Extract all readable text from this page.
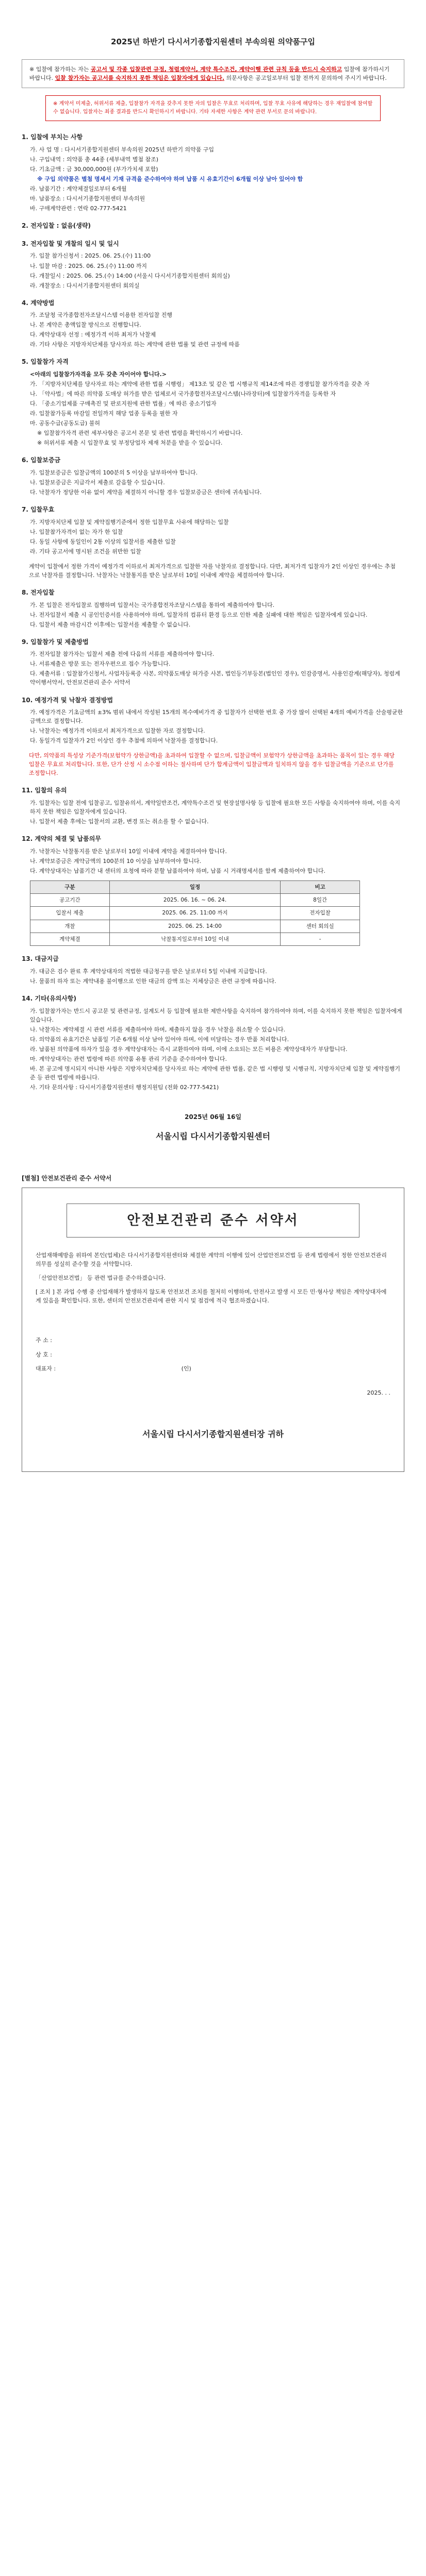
2025년 하반기 다시서기종합지원센터 부속의원 의약품구입

※ 입찰에 참가하는 자는 공고서 및 각종 입찰관련 규정, 청렴계약서, 계약 특수조건, 계약이행 관련 규칙 등을 반드시 숙지하고 입찰에 참가하시기 바랍니다. 입찰 참가자는 공고서를 숙지하지 못한 책임은 입찰자에게 있습니다. 의문사항은 공고일로부터 입찰 전까지 문의하여 주시기 바랍니다.

※ 계약서 미제출, 허위서류 제출, 입찰참가 자격을 갖추지 못한 자의 입찰은 무효로 처리하며, 입찰 무효 사유에 해당하는 경우 재입찰에 참여할 수 없습니다. 입찰자는 최종 결과를 반드시 확인하시기 바랍니다. 기타 자세한 사항은 계약 관련 부서로 문의 바랍니다.
1. 입찰에 부치는 사항
가. 사 업 명 : 다시서기종합지원센터 부속의원 2025년 하반기 의약품 구입
나. 구입내역 : 의약품 총 44종 (세부내역 별첨 참조)
다. 기초금액 : 금 30,000,000원 (부가가치세 포함)
※ 구입 의약품은 별첨 명세서 기재 규격을 준수하여야 하며 납품 시 유효기간이 6개월 이상 남아 있어야 함
라. 납품기간 : 계약체결일로부터 6개월
마. 납품장소 : 다시서기종합지원센터 부속의원
바. 구매계약관련 : 연락 02-777-5421
2. 전자입찰 : 없음(생략)
3. 전자입찰 및 개찰의 일시 및 일시
가. 입찰 참가신청서 : 2025. 06. 25.(수) 11:00
나. 입찰 마감 : 2025. 06. 25.(수) 11:00 까지
다. 개찰일시 : 2025. 06. 25.(수) 14:00 (서울시 다시서기종합지원센터 회의실)
라. 개찰장소 : 다시서기종합지원센터 회의실
4. 계약방법
가. 조달청 국가종합전자조달시스템 이용한 전자입찰 진행
나. 본 계약은 총액입찰 방식으로 진행합니다.
다. 계약상대자 선정 : 예정가격 이하 최저가 낙찰제
라. 기타 사항은 지방자치단체를 당사자로 하는 계약에 관한 법률 및 관련 규정에 따름
5. 입찰참가 자격
<아래의 입찰참가자격을 모두 갖춘 자이어야 합니다.>
가. 「지방자치단체를 당사자로 하는 계약에 관한 법률 시행령」 제13조 및 같은 법 시행규칙 제14조에 따른 경쟁입찰 참가자격을 갖춘 자
나. 「약사법」에 따른 의약품 도매상 허가를 받은 업체로서 국가종합전자조달시스템(나라장터)에 입찰참가자격을 등록한 자
다. 「중소기업제품 구매촉진 및 판로지원에 관한 법률」에 따른 중소기업자
라. 입찰참가등록 마감일 전일까지 해당 업종 등록을 필한 자
마. 공동수급(공동도급) 불허
※ 입찰참가자격 관련 세부사항은 공고서 본문 및 관련 법령을 확인하시기 바랍니다.
※ 허위서류 제출 시 입찰무효 및 부정당업자 제재 처분을 받을 수 있습니다.
6. 입찰보증금
가. 입찰보증금은 입찰금액의 100분의 5 이상을 납부하여야 합니다.
나. 입찰보증금은 지급각서 제출로 갈음할 수 있습니다.
다. 낙찰자가 정당한 이유 없이 계약을 체결하지 아니할 경우 입찰보증금은 센터에 귀속됩니다.
7. 입찰무효
가. 지방자치단체 입찰 및 계약집행기준에서 정한 입찰무효 사유에 해당하는 입찰
나. 입찰참가자격이 없는 자가 한 입찰
다. 동일 사항에 동일인이 2통 이상의 입찰서를 제출한 입찰
라. 기타 공고서에 명시된 조건을 위반한 입찰
계약이 입찰에서 정한 가격이 예정가격 이하로서 최저가격으로 입찰한 자를 낙찰자로 결정합니다. 다만, 최저가격 입찰자가 2인 이상인 경우에는 추첨으로 낙찰자를 결정합니다. 낙찰자는 낙찰통지를 받은 날로부터 10일 이내에 계약을 체결하여야 합니다.
8. 전자입찰
가. 본 입찰은 전자입찰로 집행하며 입찰서는 국가종합전자조달시스템을 통하여 제출하여야 합니다.
나. 전자입찰서 제출 시 공인인증서를 사용하여야 하며, 입찰자의 컴퓨터 환경 등으로 인한 제출 실패에 대한 책임은 입찰자에게 있습니다.
다. 입찰서 제출 마감시간 이후에는 입찰서를 제출할 수 없습니다.
9. 입찰참가 및 제출방법
가. 전자입찰 참가자는 입찰서 제출 전에 다음의 서류를 제출하여야 합니다.
나. 서류제출은 방문 또는 전자우편으로 접수 가능합니다.
다. 제출서류 : 입찰참가신청서, 사업자등록증 사본, 의약품도매상 허가증 사본, 법인등기부등본(법인인 경우), 인감증명서, 사용인감계(해당자), 청렴계약이행서약서, 안전보건관리 준수 서약서
10. 예정가격 및 낙찰자 결정방법
가. 예정가격은 기초금액의 ±3% 범위 내에서 작성된 15개의 복수예비가격 중 입찰자가 선택한 번호 중 가장 많이 선택된 4개의 예비가격을 산술평균한 금액으로 결정합니다.
나. 낙찰자는 예정가격 이하로서 최저가격으로 입찰한 자로 결정합니다.
다. 동일가격 입찰자가 2인 이상인 경우 추첨에 의하여 낙찰자를 결정합니다.
다만, 의약품의 특성상 기준가격(보험약가 상한금액)을 초과하여 입찰할 수 없으며, 입찰금액이 보험약가 상한금액을 초과하는 품목이 있는 경우 해당 입찰은 무효로 처리합니다. 또한, 단가 산정 시 소수점 이하는 절사하며 단가 합계금액이 입찰금액과 일치하지 않을 경우 입찰금액을 기준으로 단가를 조정합니다.
11. 입찰의 유의
가. 입찰자는 입찰 전에 입찰공고, 입찰유의서, 계약일반조건, 계약특수조건 및 현장설명사항 등 입찰에 필요한 모든 사항을 숙지하여야 하며, 이를 숙지하지 못한 책임은 입찰자에게 있습니다.
나. 입찰서 제출 후에는 입찰서의 교환, 변경 또는 취소를 할 수 없습니다.
12. 계약의 체결 및 납품의무
가. 낙찰자는 낙찰통지를 받은 날로부터 10일 이내에 계약을 체결하여야 합니다.
나. 계약보증금은 계약금액의 100분의 10 이상을 납부하여야 합니다.
다. 계약상대자는 납품기간 내 센터의 요청에 따라 분할 납품하여야 하며, 납품 시 거래명세서를 함께 제출하여야 합니다.
구분	일정	비고
공고기간	2025. 06. 16. ~ 06. 24.	8일간
입찰서 제출	2025. 06. 25. 11:00 까지	전자입찰
개찰	2025. 06. 25. 14:00	센터 회의실
계약체결	낙찰통지일로부터 10일 이내	-
13. 대금지급
가. 대금은 검수 완료 후 계약상대자의 적법한 대금청구를 받은 날로부터 5일 이내에 지급합니다.
나. 물품의 하자 또는 계약내용 불이행으로 인한 대금의 감액 또는 지체상금은 관련 규정에 따릅니다.
14. 기타(유의사항)
가. 입찰참가자는 반드시 공고문 및 관련규정, 설계도서 등 입찰에 필요한 제반사항을 숙지하여 참가하여야 하며, 이를 숙지하지 못한 책임은 입찰자에게 있습니다.
나. 낙찰자는 계약체결 시 관련 서류를 제출하여야 하며, 제출하지 않을 경우 낙찰을 취소할 수 있습니다.
다. 의약품의 유효기간은 납품일 기준 6개월 이상 남아 있어야 하며, 이에 미달하는 경우 반품 처리합니다.
라. 납품된 의약품에 하자가 있을 경우 계약상대자는 즉시 교환하여야 하며, 이에 소요되는 모든 비용은 계약상대자가 부담합니다.
마. 계약상대자는 관련 법령에 따른 의약품 유통 관리 기준을 준수하여야 합니다.
바. 본 공고에 명시되지 아니한 사항은 지방자치단체를 당사자로 하는 계약에 관한 법률, 같은 법 시행령 및 시행규칙, 지방자치단체 입찰 및 계약집행기준 등 관련 법령에 따릅니다.
사. 기타 문의사항 : 다시서기종합지원센터 행정지원팀 (전화 02-777-5421)
2025년 06월 16일
서울시립 다시서기종합지원센터
[별첨] 안전보건관리 준수 서약서
안전보건관리 준수 서약서

산업재해예방을 위하여 본인(업체)은 다시서기종합지원센터와 체결한 계약의 이행에 있어 산업안전보건법 등 관계 법령에서 정한 안전보건관리 의무를 성실히 준수할 것을 서약합니다.

「산업안전보건법」 등 관련 법규를 준수하겠습니다.

[ 조치 ] 본 과업 수행 중 산업재해가 발생하지 않도록 안전보건 조치를 철저히 이행하며, 안전사고 발생 시 모든 민·형사상 책임은 계약상대자에게 있음을 확인합니다. 또한, 센터의 안전보건관리에 관한 지시 및 점검에 적극 협조하겠습니다.

주 소 :
상 호 :
대표자 :	(인)
2025. . .
서울시립 다시서기종합지원센터장 귀하
